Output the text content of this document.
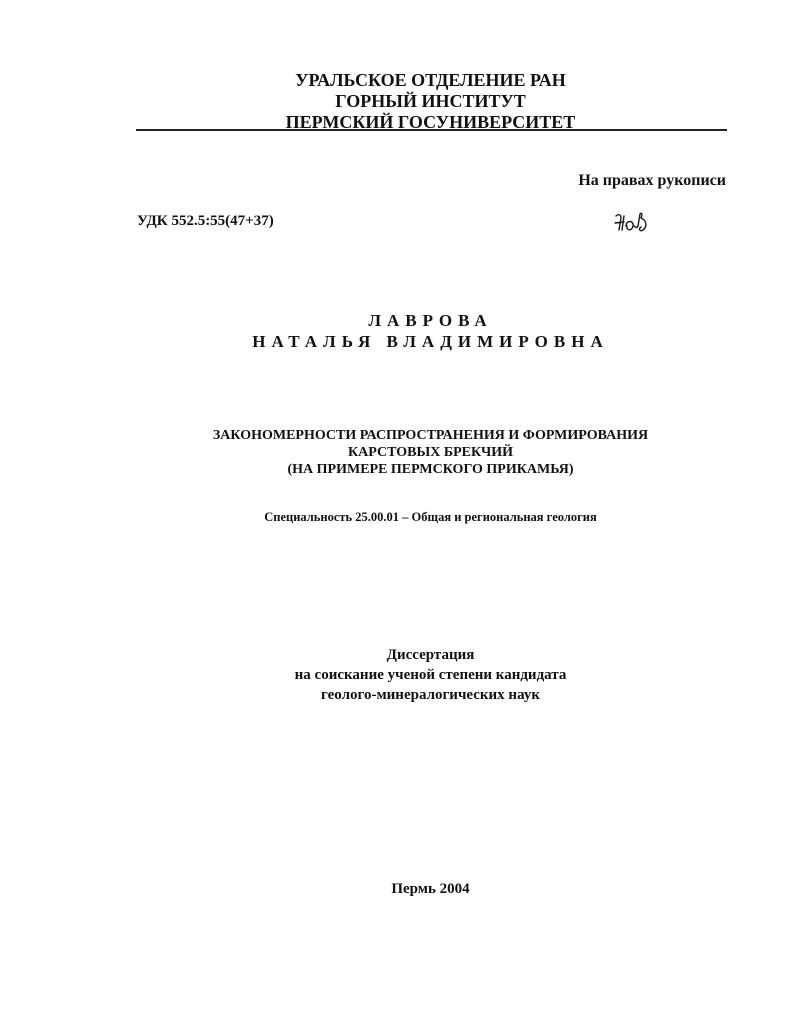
УРАЛЬСКОЕ ОТДЕЛЕНИЕ РАН
ГОРНЫЙ ИНСТИТУТ
ПЕРМСКИЙ ГОСУНИВЕРСИТЕТ
На правах рукописи
УДК 552.5:55(47+37)
ЛАВРОВА
НАТАЛЬЯ ВЛАДИМИРОВНА
ЗАКОНОМЕРНОСТИ РАСПРОСТРАНЕНИЯ И ФОРМИРОВАНИЯ
КАРСТОВЫХ БРЕКЧИЙ
(НА ПРИМЕРЕ ПЕРМСКОГО ПРИКАМЬЯ)
Специальность 25.00.01 – Общая и региональная геология
Диссертация
на соискание ученой степени кандидата
геолого-минералогических наук
Пермь 2004
